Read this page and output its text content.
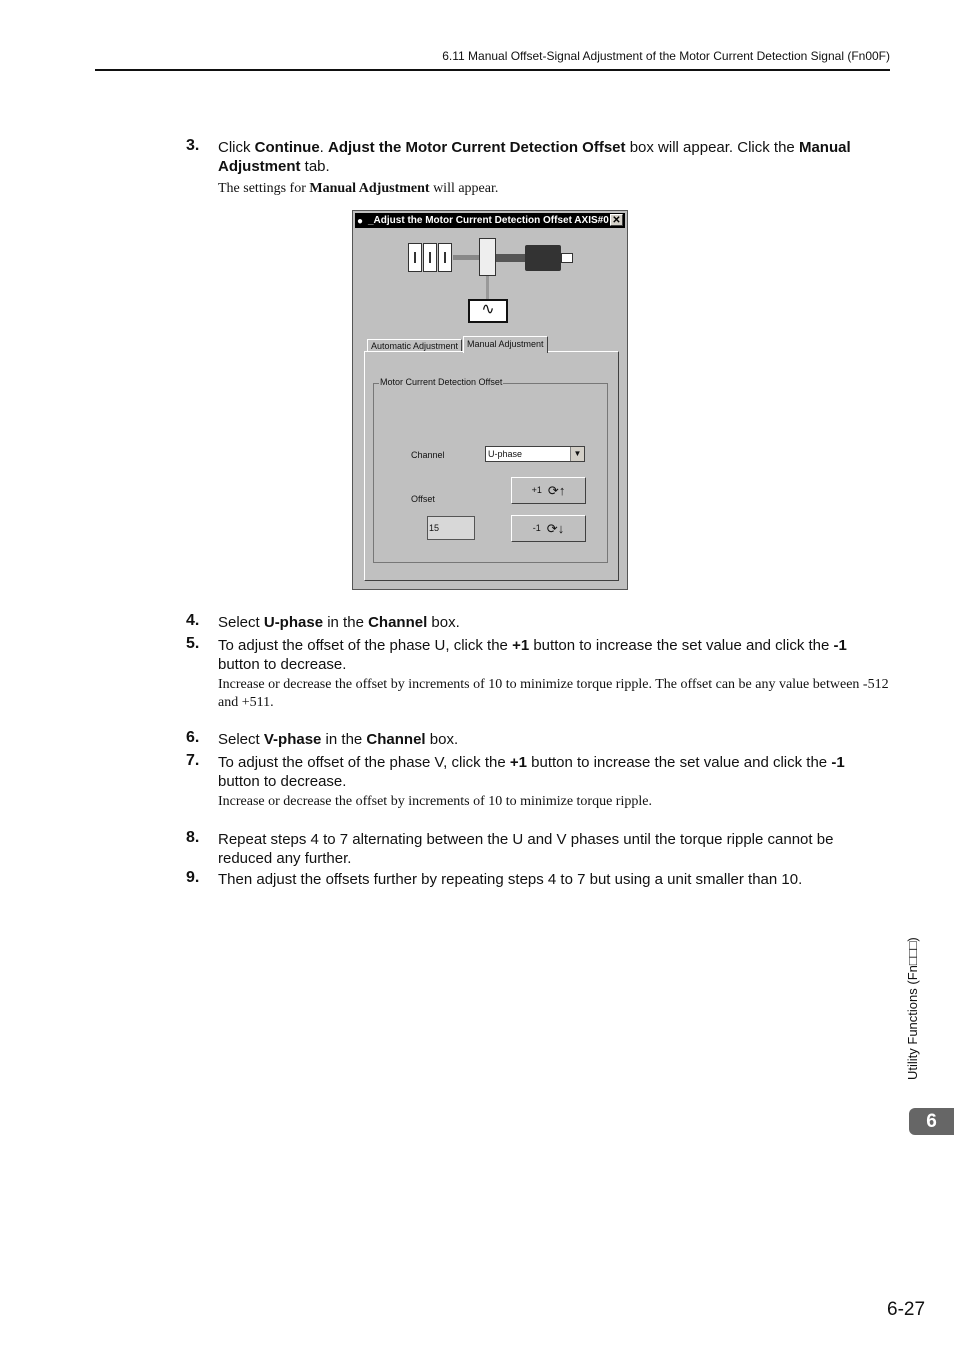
6.11 Manual Offset-Signal Adjustment of the Motor Current Detection Signal (Fn00F)
3. Click Continue. Adjust the Motor Current Detection Offset box will appear. Click the Manual Adjustment tab.
The settings for Manual Adjustment will appear.
● _Adjust the Motor Current Detection Offset AXIS#0 ✕
∿
Automatic Adjustment Manual Adjustment
Motor Current Detection Offset
Channel	U-phase	▼
Offset
15
+1 ⟳↑
-1 ⟳↓
4. Select U-phase in the Channel box.
5. To adjust the offset of the phase U, click the +1 button to increase the set value and click the -1 button to decrease.
Increase or decrease the offset by increments of 10 to minimize torque ripple. The offset can be any value between -512 and +511.
6. Select V-phase in the Channel box.
7. To adjust the offset of the phase V, click the +1 button to increase the set value and click the -1 button to decrease.
Increase or decrease the offset by increments of 10 to minimize torque ripple.
8. Repeat steps 4 to 7 alternating between the U and V phases until the torque ripple cannot be reduced any further.
9. Then adjust the offsets further by repeating steps 4 to 7 but using a unit smaller than 10.
Utility Functions (Fn□□□)
6
6-27
